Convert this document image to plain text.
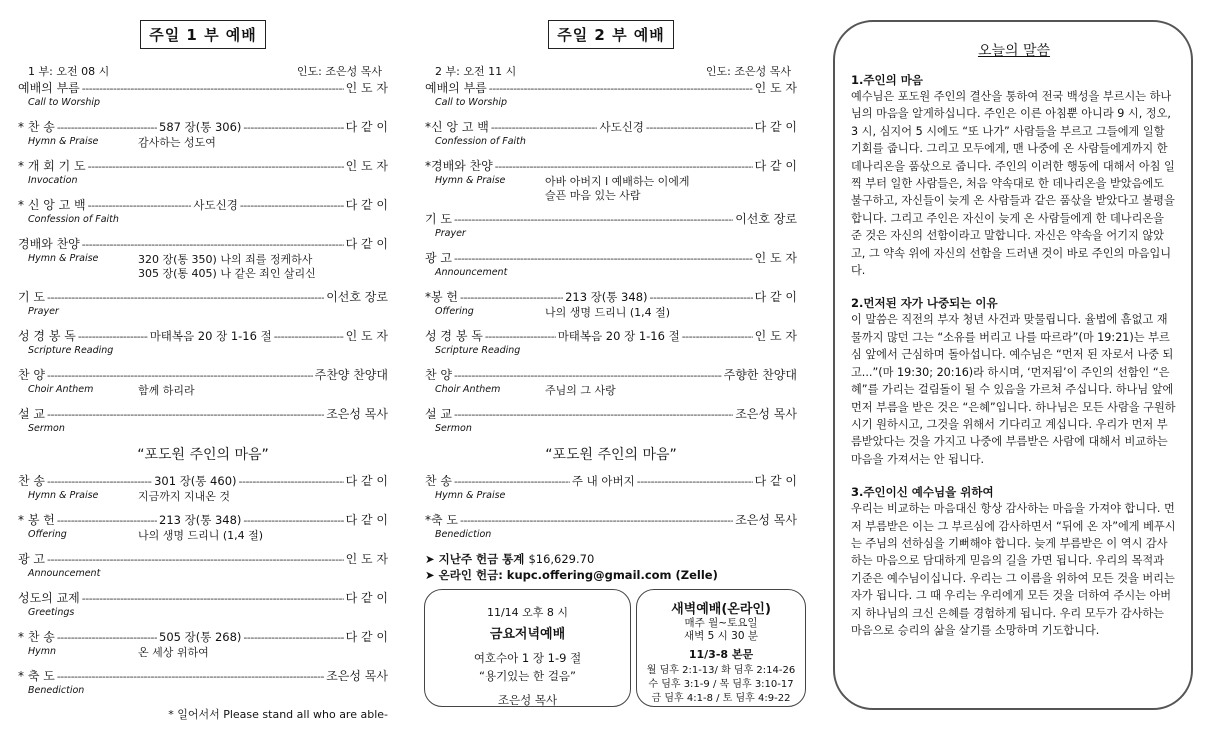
주일 1 부 예배
1 부: 오전 08 시	인도: 조은성 목사
예배의 부름 -----	인 도 자
Call to Worship
* 찬 송 -----	587 장(통 306) -----	다 같 이
Hymn & Praise	감사하는 성도여
* 개 회 기 도 -----	인 도 자
Invocation
* 신 앙 고 백 -----	사도신경 -----	다 같 이
Confession of Faith
경배와 찬양 -----	다 같 이
Hymn & Praise	320 장(통 350) 나의 죄를 정케하사
305 장(통 405) 나 같은 죄인 살리신
기 도 -----	이선호 장로
Prayer
성 경 봉 독 -----	마태복음 20 장 1-16 절 -----	인 도 자
Scripture Reading
찬 양 -----	주찬양 찬양대
Choir Anthem	함께 하리라
설 교 -----	조은성 목사
Sermon
“포도원 주인의 마음”
찬 송 -----	301 장(통 460) -----	다 같 이
Hymn & Praise	지금까지 지내온 것
* 봉 헌 -----	213 장(통 348) -----	다 같 이
Offering	나의 생명 드리니 (1,4 절)
광 고 -----	인 도 자
Announcement
성도의 교제 -----	다 같 이
Greetings
* 찬 송 -----	505 장(통 268) -----	다 같 이
Hymn	온 세상 위하여
* 축 도 -----	조은성 목사
Benediction
* 일어서서 Please stand all who are able-
주일 2 부 예배
2 부: 오전 11 시	인도: 조은성 목사
예배의 부름 -----	인 도 자
Call to Worship
*신 앙 고 백 -----	사도신경 -----	다 같 이
Confession of Faith
*경배와 찬양 -----	다 같 이
Hymn & Praise	아바 아버지 l 예배하는 이에게
슬픈 마음 있는 사람
기 도 -----	이선호 장로
Prayer
광 고 -----	인 도 자
Announcement
*봉 헌 -----	213 장(통 348) -----	다 같 이
Offering	나의 생명 드리니 (1,4 절)
성 경 봉 독 -----	마태복음 20 장 1-16 절 -----	인 도 자
Scripture Reading
찬 양 -----	주향한 찬양대
Choir Anthem	주님의 그 사랑
설 교 -----	조은성 목사
Sermon
“포도원 주인의 마음”
찬 송 -----	주 내 아버지 -----	다 같 이
Hymn & Praise
*축 도 -----	조은성 목사
Benediction
➤ 지난주 헌금 통계 $16,629.70
➤ 온라인 헌금: kupc.offering@gmail.com (Zelle)
11/14 오후 8 시
금요저녁예배
여호수아 1 장 1-9 절
“용기있는 한 걸음”
조은성 목사
새벽예배(온라인)
매주 월~토요일
새벽 5 시 30 분
11/3-8 본문
월 딤후 2:1-13/ 화 딤후 2:14-26
수 딤후 3:1-9 / 목 딤후 3:10-17
금 딤후 4:1-8 / 토 딤후 4:9-22
오늘의 말씀
1.주인의 마음

예수님은 포도원 주인의 결산을 통하여 전국 백성을 부르시는 하나님의 마음을 알게하십니다. 주인은 이른 아침뿐 아니라 9 시, 정오, 3 시, 심지어 5 시에도 “또 나가” 사람들을 부르고 그들에게 일할 기회를 줍니다. 그리고 모두에게, 맨 나중에 온 사람들에게까지 한 데나리온을 품삯으로 줍니다. 주인의 이러한 행동에 대해서 아침 일찍 부터 일한 사람들은, 처음 약속대로 한 데나리온을 받았음에도 불구하고, 자신들이 늦게 온 사람들과 같은 품삯을 받았다고 불평을 합니다. 그리고 주인은 자신이 늦게 온 사람들에게 한 데나리온을 준 것은 자신의 선함이라고 말합니다. 자신은 약속을 어기지 않았고, 그 약속 위에 자신의 선함을 드러낸 것이 바로 주인의 마음입니다.

2.먼저된 자가 나중되는 이유

이 말씀은 직전의 부자 청년 사건과 맞물립니다. 율법에 흠없고 재물까지 많던 그는 “소유를 버리고 나를 따르라”(마 19:21)는 부르심 앞에서 근심하며 돌아섭니다. 예수님은 “먼저 된 자로서 나중 되고...”(마 19:30; 20:16)라 하시며, ‘먼저됨’이 주인의 선함인 “은혜”를 가리는 걸림돌이 될 수 있음을 가르쳐 주십니다. 하나님 앞에 먼저 부름을 받은 것은 “은혜”입니다. 하나님은 모든 사람을 구원하시기 원하시고, 그것을 위해서 기다리고 계십니다. 우리가 먼저 부름받았다는 것을 가지고 나중에 부름받은 사람에 대해서 비교하는 마음을 가져서는 안 됩니다.

3.주인이신 예수님을 위하여

우리는 비교하는 마음대신 항상 감사하는 마음을 가져야 합니다. 먼저 부름받은 이는 그 부르심에 감사하면서 “뒤에 온 자”에게 베푸시는 주님의 선하심을 기뻐해야 합니다. 늦게 부름받은 이 역시 감사하는 마음으로 담대하게 믿음의 길을 가면 됩니다. 우리의 목적과 기준은 예수님이십니다. 우리는 그 이름을 위하여 모든 것을 버리는 자가 됩니다. 그 때 우리는 우리에게 모든 것을 더하여 주시는 아버지 하나님의 크신 은혜를 경험하게 됩니다. 우리 모두가 감사하는 마음으로 승리의 삶을 살기를 소망하며 기도합니다.
